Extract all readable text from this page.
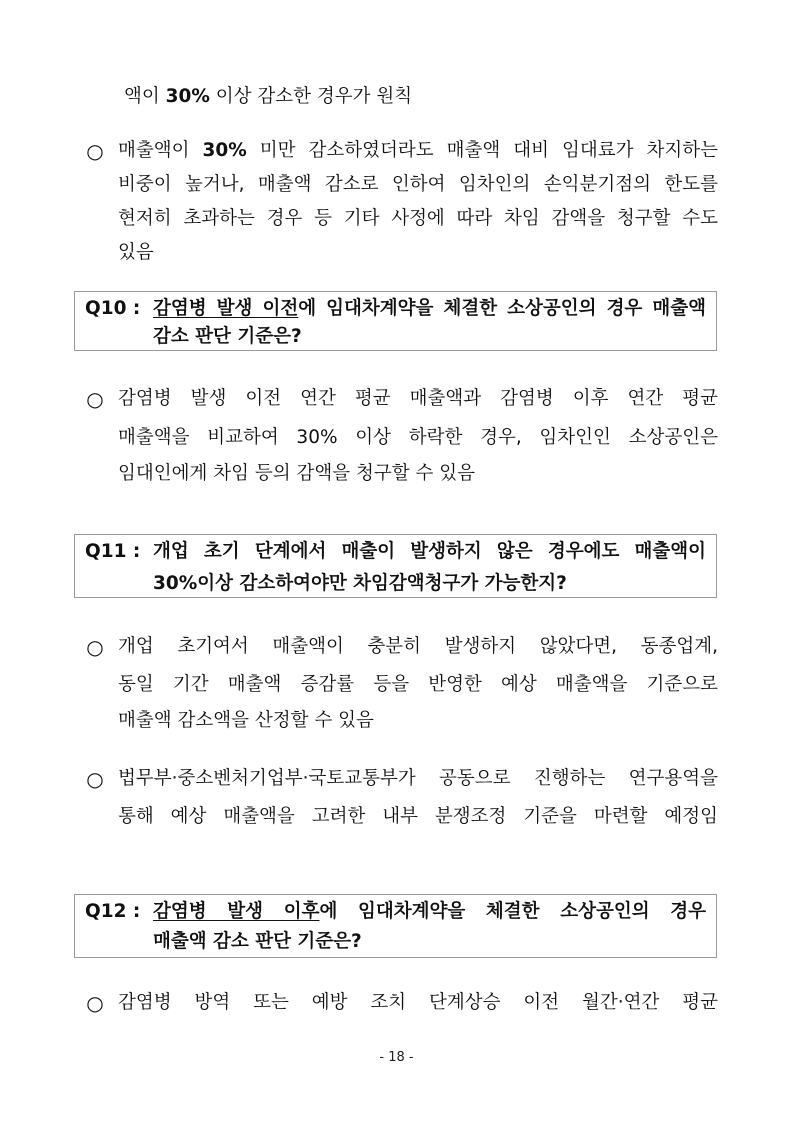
액이 30% 이상 감소한 경우가 원칙
○ 매출액이 30% 미만 감소하였더라도 매출액 대비 임대료가 차지하는
비중이 높거나, 매출액 감소로 인하여 임차인의 손익분기점의 한도를
현저히 초과하는 경우 등 기타 사정에 따라 차임 감액을 청구할 수도
있음
Q10 : 감염병 발생 이전에 임대차계약을 체결한 소상공인의 경우 매출액
감소 판단 기준은?
○ 감염병 발생 이전 연간 평균 매출액과 감염병 이후 연간 평균
매출액을 비교하여 30% 이상 하락한 경우, 임차인인 소상공인은
임대인에게 차임 등의 감액을 청구할 수 있음
Q11 : 개업 초기 단계에서 매출이 발생하지 않은 경우에도 매출액이
30%이상 감소하여야만 차임감액청구가 가능한지?
○ 개업 초기여서 매출액이 충분히 발생하지 않았다면, 동종업계,
동일 기간 매출액 증감률 등을 반영한 예상 매출액을 기준으로
매출액 감소액을 산정할 수 있음
○ 법무부·중소벤처기업부·국토교통부가 공동으로 진행하는 연구용역을
통해 예상 매출액을 고려한 내부 분쟁조정 기준을 마련할 예정임
Q12 : 감염병 발생 이후에 임대차계약을 체결한 소상공인의 경우
매출액 감소 판단 기준은?
○ 감염병 방역 또는 예방 조치 단계상승 이전 월간·연간 평균
- 18 -
